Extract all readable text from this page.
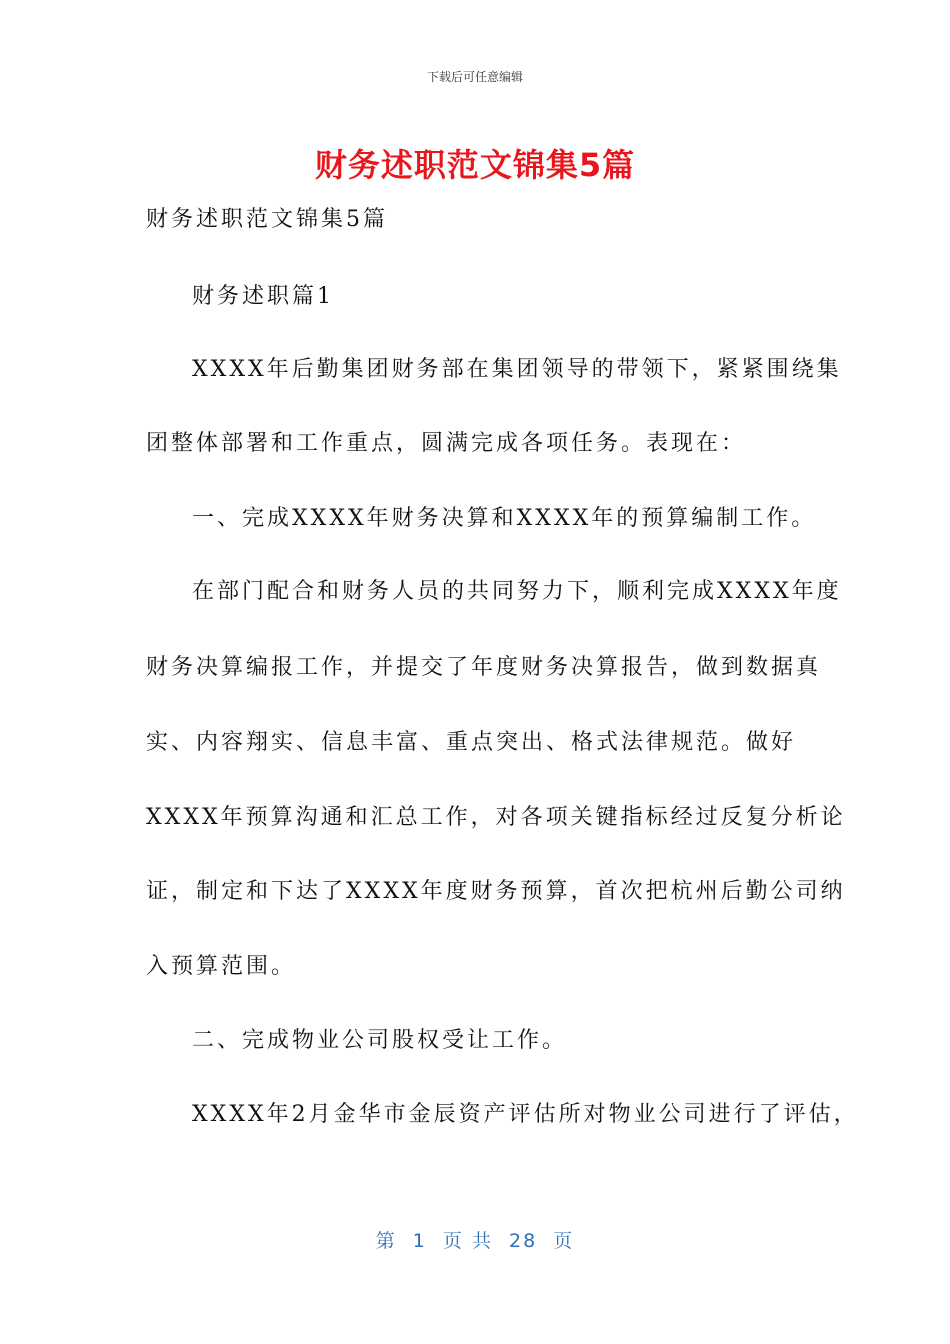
下载后可任意编辑
财务述职范文锦集5篇
财务述职范文锦集5篇
财务述职篇1
XXXX年后勤集团财务部在集团领导的带领下，紧紧围绕集
团整体部署和工作重点，圆满完成各项任务。表现在：
一、完成XXXX年财务决算和XXXX年的预算编制工作。
在部门配合和财务人员的共同努力下，顺利完成XXXX年度
财务决算编报工作，并提交了年度财务决算报告，做到数据真
实、内容翔实、信息丰富、重点突出、格式法律规范。做好
XXXX年预算沟通和汇总工作，对各项关键指标经过反复分析论
证，制定和下达了XXXX年度财务预算，首次把杭州后勤公司纳
入预算范围。
二、完成物业公司股权受让工作。
XXXX年2月金华市金辰资产评估所对物业公司进行了评估，
第  1  页 共  28  页
